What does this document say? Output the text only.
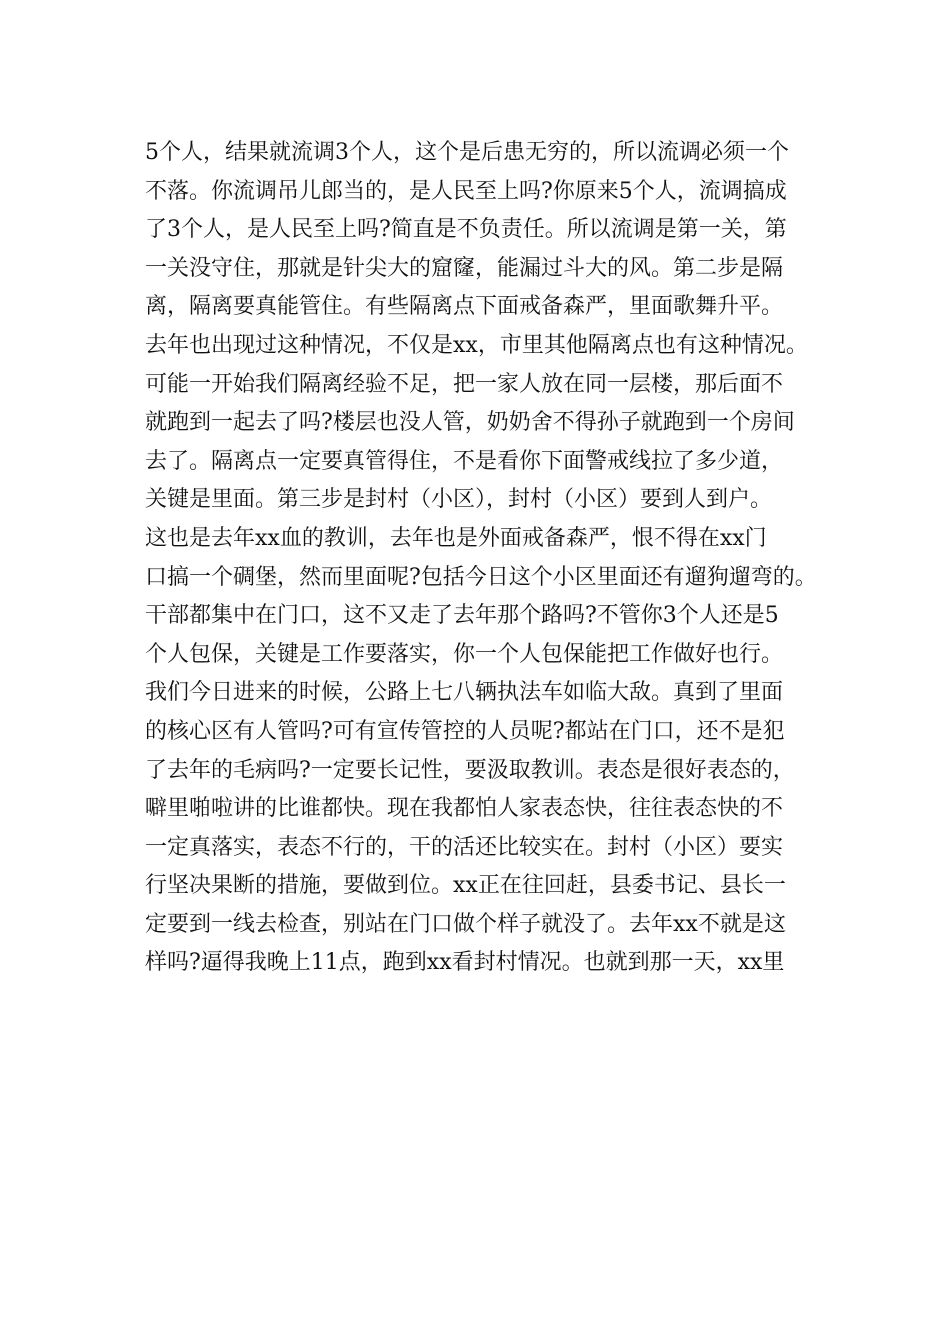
5个人，结果就流调3个人，这个是后患无穷的，所以流调必须一个
不落。你流调吊儿郎当的，是人民至上吗?你原来5个人，流调搞成
了3个人，是人民至上吗?简直是不负责任。所以流调是第一关，第
一关没守住，那就是针尖大的窟窿，能漏过斗大的风。第二步是隔
离，隔离要真能管住。有些隔离点下面戒备森严，里面歌舞升平。
去年也出现过这种情况，不仅是xx，市里其他隔离点也有这种情况。
可能一开始我们隔离经验不足，把一家人放在同一层楼，那后面不
就跑到一起去了吗?楼层也没人管，奶奶舍不得孙子就跑到一个房间
去了。隔离点一定要真管得住，不是看你下面警戒线拉了多少道，
关键是里面。第三步是封村（小区），封村（小区）要到人到户。
这也是去年xx血的教训，去年也是外面戒备森严，恨不得在xx门
口搞一个碉堡，然而里面呢?包括今日这个小区里面还有遛狗遛弯的。
干部都集中在门口，这不又走了去年那个路吗?不管你3个人还是5
个人包保，关键是工作要落实，你一个人包保能把工作做好也行。
我们今日进来的时候，公路上七八辆执法车如临大敌。真到了里面
的核心区有人管吗?可有宣传管控的人员呢?都站在门口，还不是犯
了去年的毛病吗?一定要长记性，要汲取教训。表态是很好表态的，
噼里啪啦讲的比谁都快。现在我都怕人家表态快，往往表态快的不
一定真落实，表态不行的，干的活还比较实在。封村（小区）要实
行坚决果断的措施，要做到位。xx正在往回赶，县委书记、县长一
定要到一线去检查，别站在门口做个样子就没了。去年xx不就是这
样吗?逼得我晚上11点，跑到xx看封村情况。也就到那一天，xx里
